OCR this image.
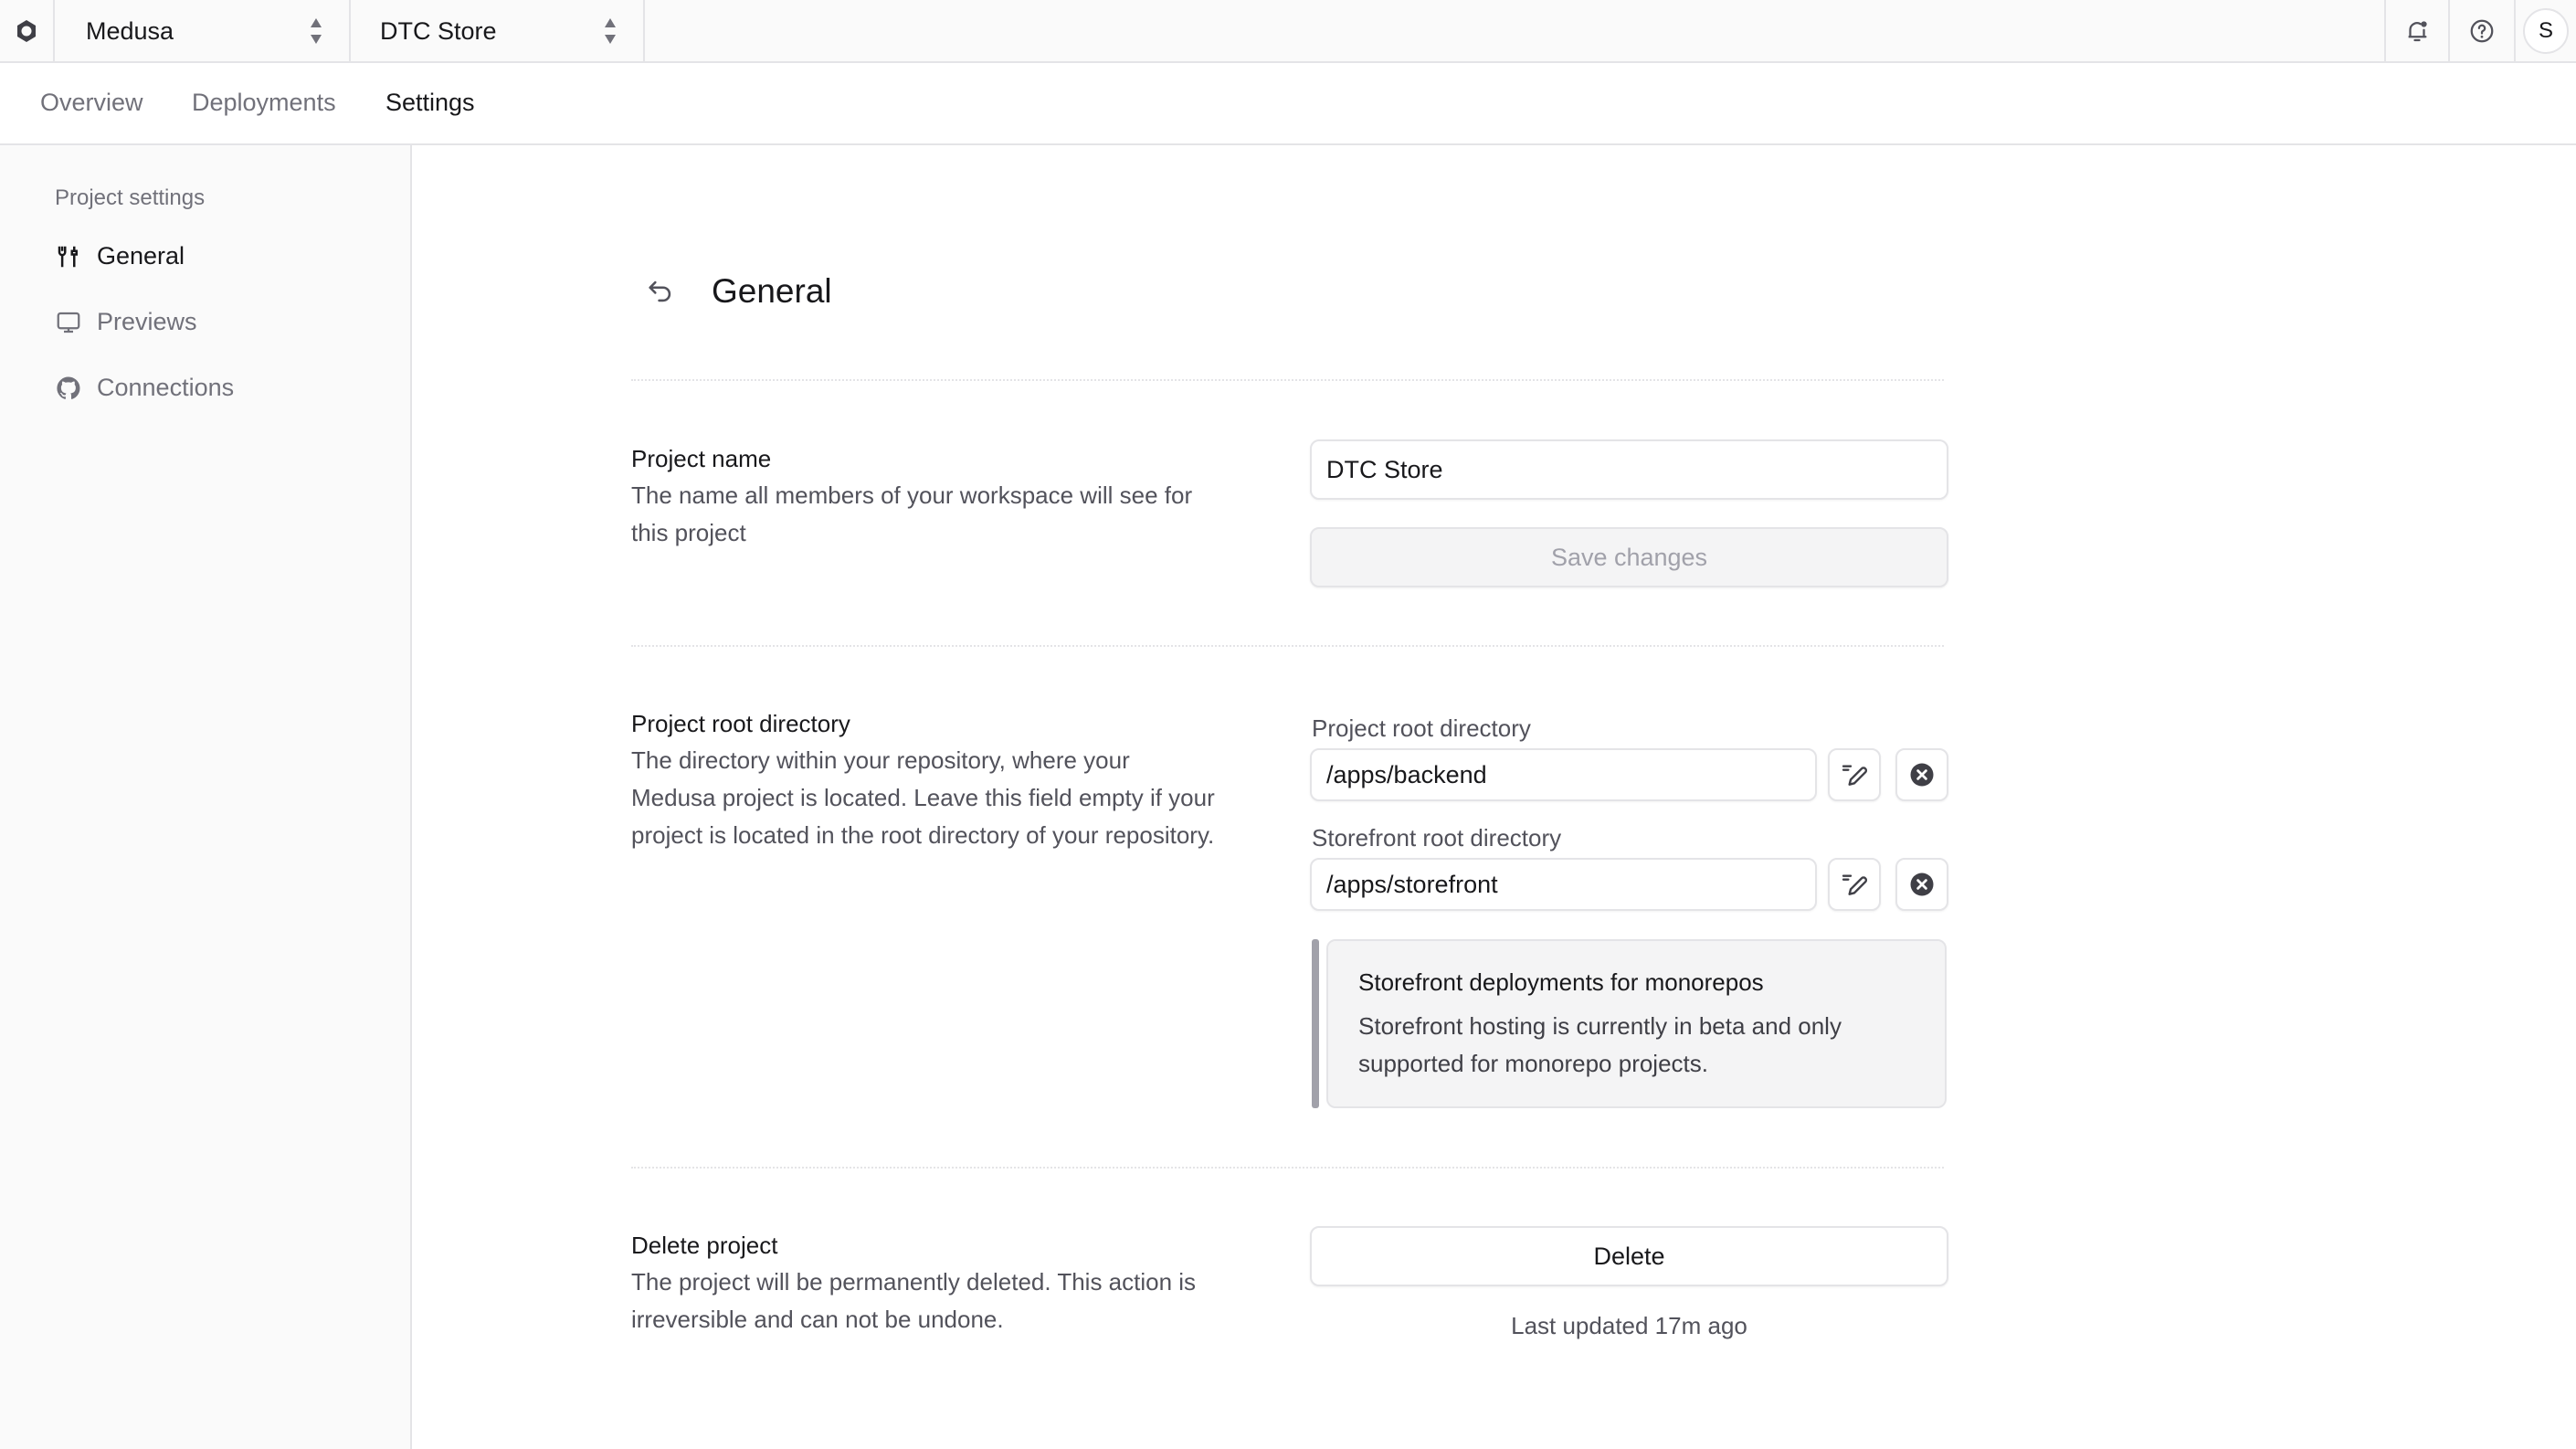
Medusa	DTC Store	S
Overview Deployments Settings
Project settings
General
Previews
Connections
General
Project name
The name all members of your workspace will see for
this project
DTC Store
Save changes
Project root directory
The directory within your repository, where your
Medusa project is located. Leave this field empty if your
project is located in the root directory of your repository.
Project root directory
/apps/backend
Storefront root directory
/apps/storefront
Storefront deployments for monorepos
Storefront hosting is currently in beta and only
supported for monorepo projects.
Delete project
The project will be permanently deleted. This action is
irreversible and can not be undone.
Delete
Last updated 17m ago
